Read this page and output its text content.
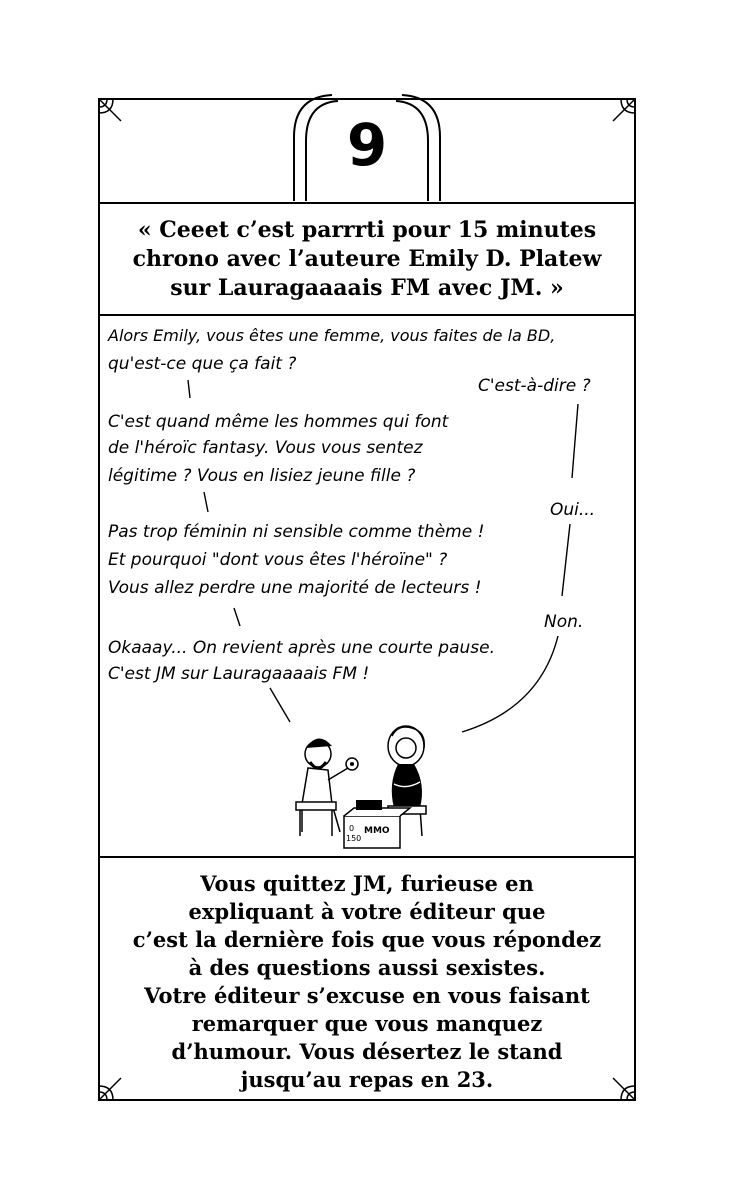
9
« Ceeet c’est parrrti pour 15 minutes
chrono avec l’auteure Emily D. Platew
sur Lauragaaaais FM avec JM. »
Alors Emily, vous êtes une femme, vous faites de la BD,
qu'est-ce que ça fait ?
C'est quand même les hommes qui font
de l'héroïc fantasy. Vous vous sentez
légitime ? Vous en lisiez jeune fille ?
Pas trop féminin ni sensible comme thème !
Et pourquoi "dont vous êtes l'héroïne" ?
Vous allez perdre une majorité de lecteurs !
Okaaay... On revient après une courte pause.
C'est JM sur Lauragaaaais FM !
C'est-à-dire ?
Oui...
Non.
0
150
MMO
Vous quittez JM, furieuse en
expliquant à votre éditeur que
c’est la dernière fois que vous répondez
à des questions aussi sexistes.
Votre éditeur s’excuse en vous faisant
remarquer que vous manquez
d’humour. Vous désertez le stand
jusqu’au repas en 23.
